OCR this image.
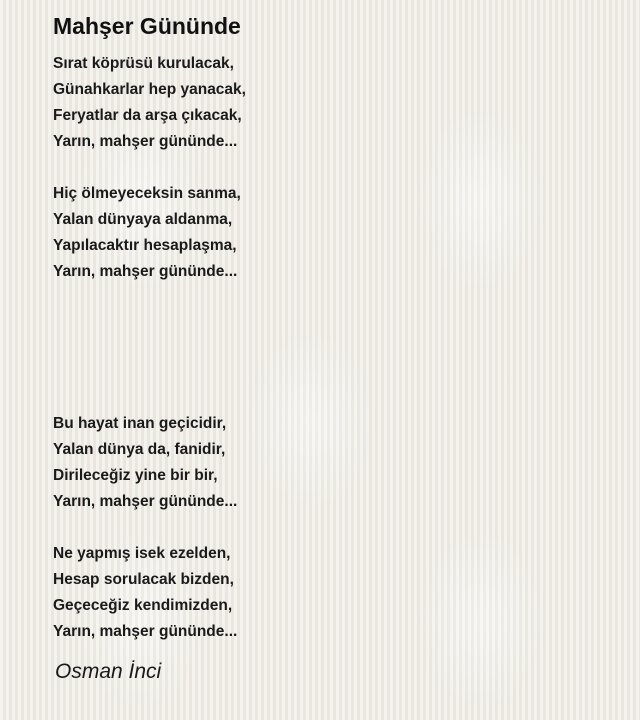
Mahşer Gününde
Sırat köprüsü kurulacak,
Günahkarlar hep yanacak,
Feryatlar da arşa çıkacak,
Yarın, mahşer gününde...
Hiç ölmeyeceksin sanma,
Yalan dünyaya aldanma,
Yapılacaktır hesaplaşma,
Yarın, mahşer gününde...
Bu hayat inan geçicidir,
Yalan dünya da, fanidir,
Dirileceğiz yine bir bir,
Yarın, mahşer gününde...
Ne yapmış isek ezelden,
Hesap sorulacak bizden,
Geçeceğiz kendimizden,
Yarın, mahşer gününde...
Osman İnci
